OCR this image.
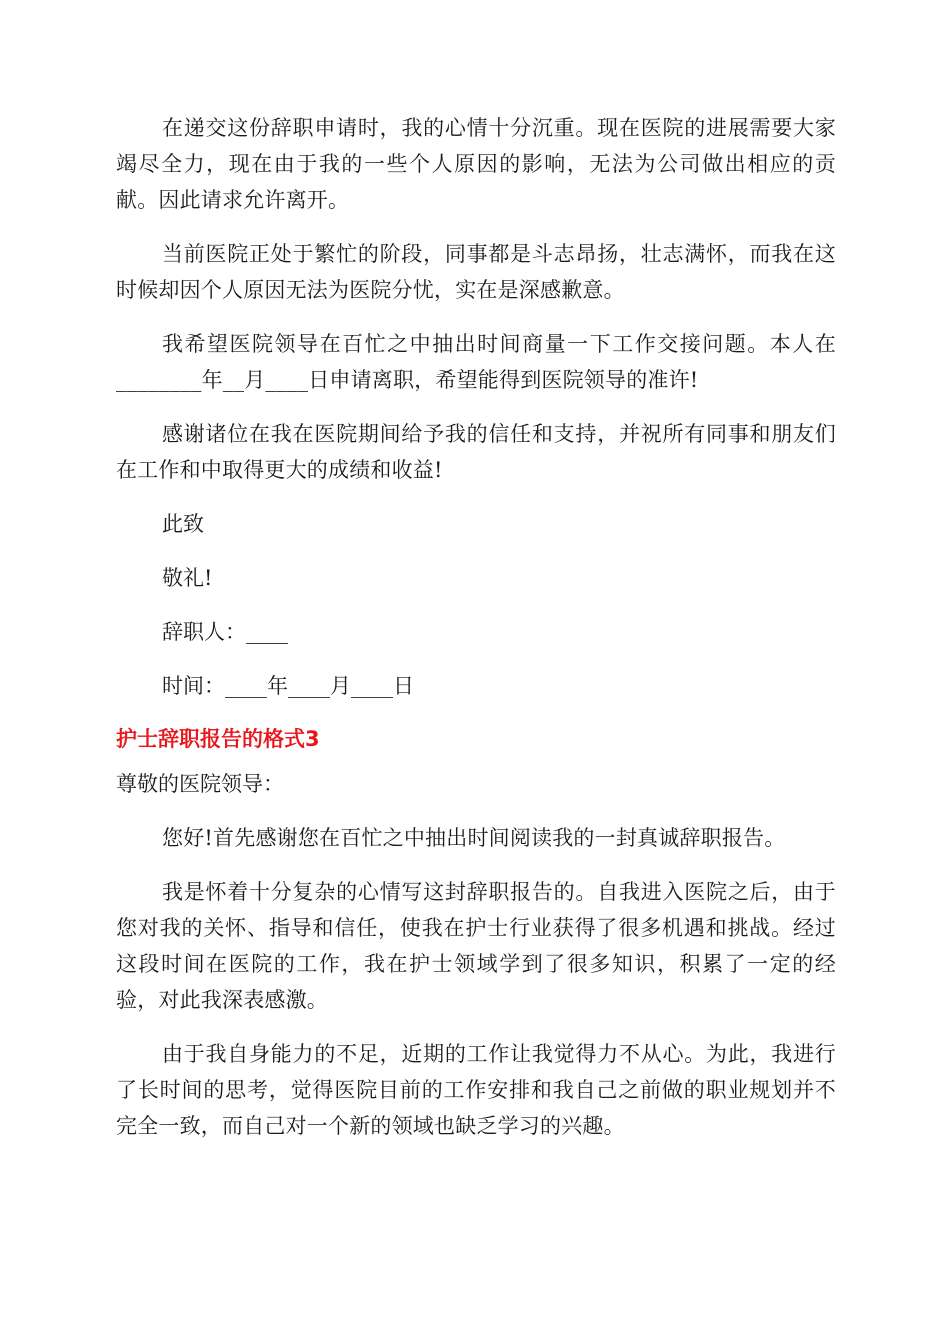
在递交这份辞职申请时，我的心情十分沉重。现在医院的进展需要大家竭尽全力，现在由于我的一些个人原因的影响，无法为公司做出相应的贡献。因此请求允许离开。

当前医院正处于繁忙的阶段，同事都是斗志昂扬，壮志满怀，而我在这时候却因个人原因无法为医院分忧，实在是深感歉意。

我希望医院领导在百忙之中抽出时间商量一下工作交接问题。本人在________年__月____日申请离职，希望能得到医院领导的准许!

感谢诸位在我在医院期间给予我的信任和支持，并祝所有同事和朋友们在工作和中取得更大的成绩和收益!

此致

敬礼!

辞职人：____

时间：____年____月____日

护士辞职报告的格式3

尊敬的医院领导：

您好!首先感谢您在百忙之中抽出时间阅读我的一封真诚辞职报告。

我是怀着十分复杂的心情写这封辞职报告的。自我进入医院之后，由于您对我的关怀、指导和信任，使我在护士行业获得了很多机遇和挑战。经过这段时间在医院的工作，我在护士领域学到了很多知识，积累了一定的经验，对此我深表感激。

由于我自身能力的不足，近期的工作让我觉得力不从心。为此，我进行了长时间的思考，觉得医院目前的工作安排和我自己之前做的职业规划并不完全一致，而自己对一个新的领域也缺乏学习的兴趣。
